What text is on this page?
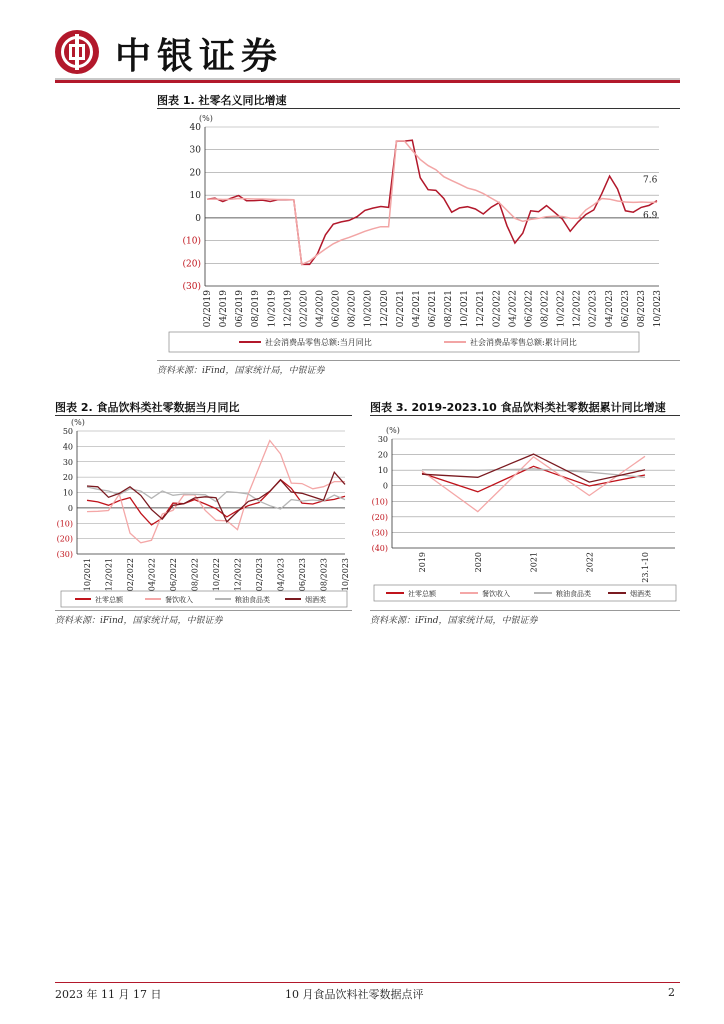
中银证券
图表 1. 社零名义同比增速
(%)
40
30
20
10
0
(10)
(20)
(30)
02/2019 04/2019 06/2019 08/2019 10/2019 12/2019 02/2020 04/2020 06/2020 08/2020 10/2020 12/2020 02/2021 04/2021 06/2021 08/2021 10/2021 12/2021 02/2022 04/2022 06/2022 08/2022 10/2022 12/2022 02/2023 04/2023 06/2023 08/2023 10/2023
社会消费品零售总额:当月同比	社会消费品零售总额:累计同比
7.6
6.9
资料来源：iFind，国家统计局，中银证券
图表 2. 食品饮料类社零数据当月同比
(%)
50
40
30
20
10
0
(10)
(20)
(30)
10/2021 12/2021 02/2022 04/2022 06/2022 08/2022 10/2022 12/2022 02/2023 04/2023 06/2023 08/2023 10/2023
社零总额	餐饮收入	粮油食品类	烟酒类
资料来源：iFind，国家统计局，中银证券
图表 3. 2019-2023.10 食品饮料类社零数据累计同比增速
(%)
30
20
10
0
(10)
(20)
(30)
(40)
2019	2020	2021	2022	23.1-10
社零总额	餐饮收入	粮油食品类	烟酒类
资料来源：iFind，国家统计局，中银证券
2023 年 11 月 17 日	10 月食品饮料社零数据点评	2
